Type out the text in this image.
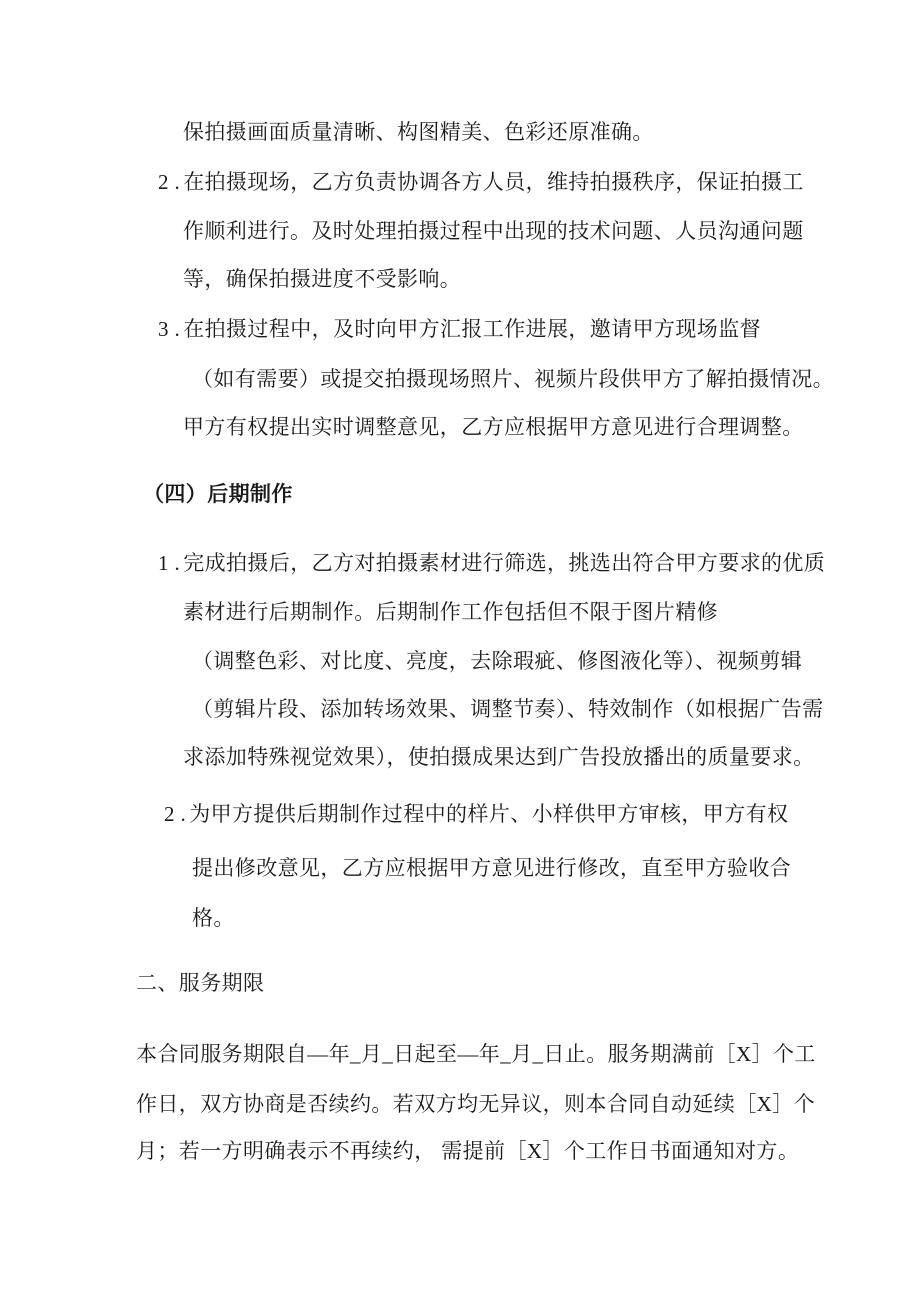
保拍摄画面质量清晰、构图精美、色彩还原准确。
2 . 在拍摄现场，乙方负责协调各方人员，维持拍摄秩序，保证拍摄工
作顺利进行。及时处理拍摄过程中出现的技术问题、人员沟通问题
等，确保拍摄进度不受影响。
3 . 在拍摄过程中，及时向甲方汇报工作进展，邀请甲方现场监督
（如有需要）或提交拍摄现场照片、视频片段供甲方了解拍摄情况。
甲方有权提出实时调整意见，乙方应根据甲方意见进行合理调整。
（四）后期制作
1 . 完成拍摄后，乙方对拍摄素材进行筛选，挑选出符合甲方要求的优质
素材进行后期制作。后期制作工作包括但不限于图片精修
（调整色彩、对比度、亮度，去除瑕疵、修图液化等）、视频剪辑
（剪辑片段、添加转场效果、调整节奏）、特效制作（如根据广告需
求添加特殊视觉效果），使拍摄成果达到广告投放播出的质量要求。
2 . 为甲方提供后期制作过程中的样片、小样供甲方审核，甲方有权
提出修改意见，乙方应根据甲方意见进行修改，直至甲方验收合
格。
二、服务期限
本合同服务期限自—年_月_日起至—年_月_日止。服务期满前［X］个工
作日，双方协商是否续约。若双方均无异议，则本合同自动延续［X］个
月；若一方明确表示不再续约， 需提前［X］个工作日书面通知对方。
